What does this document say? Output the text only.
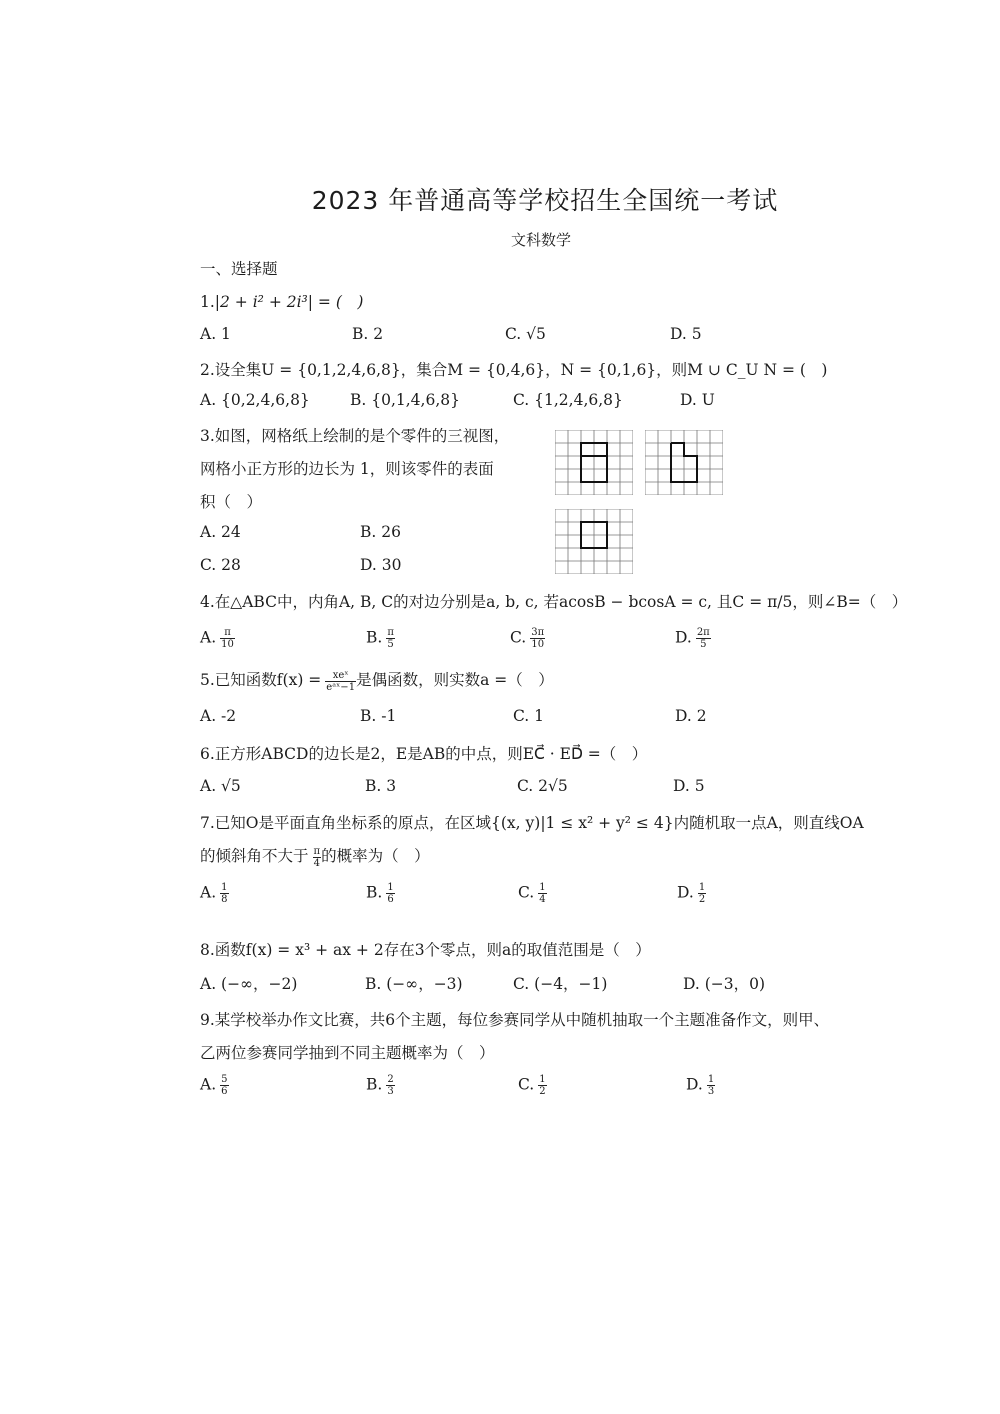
2023 年普通高等学校招生全国统一考试
文科数学
一、选择题
1.|2 + i² + 2i³| = (　)
A. 1	B. 2	C. √5	D. 5
2.设全集U = {0,1,2,4,6,8}，集合M = {0,4,6}，N = {0,1,6}，则M ∪ C_U N = (　)
A. {0,2,4,6,8}	B. {0,1,4,6,8}	C. {1,2,4,6,8}	D. U
3.如图，网格纸上绘制的是个零件的三视图，
网格小正方形的边长为 1，则该零件的表面
积（　）
A. 24	B. 26
C. 28	D. 30
4.在△ABC中，内角A, B, C的对边分别是a, b, c, 若acosB − bcosA = c, 且C = π/5，则∠B=（　）
A. $\frac{\pi}{10}$	B. $\frac{\pi}{5}$	C. $\frac{3\pi}{10}$	D. $\frac{2\pi}{5}$
5.已知函数$f(x) = \frac{\text{xeˣ}}{\text{eᵃˣ−1}}$ 是偶函数，则实数a =（　）
A. -2	B. -1	C. 1	D. 2
6.正方形ABCD的边长是2，E是AB的中点，则EC⃗ · ED⃗ =（　）
A. √5	B. 3	C. 2√5	D. 5
7.已知O是平面直角坐标系的原点，在区域{(x, y)|1 ≤ x² + y² ≤ 4}内随机取一点A，则直线OA
的倾斜角不大于 $\frac{\pi}{4}$ 的概率为（　）
A. $\frac{1}{8}$	B. $\frac{1}{6}$	C. $\frac{1}{4}$	D. $\frac{1}{2}$
8.函数f(x) = x³ + ax + 2存在3个零点，则a的取值范围是（　）
A. (−∞，−2)	B. (−∞，−3)	C. (−4，−1)	D. (−3，0)
9.某学校举办作文比赛，共6个主题，每位参赛同学从中随机抽取一个主题准备作文，则甲、
乙两位参赛同学抽到不同主题概率为（　）
A. $\frac{5}{6}$	B. $\frac{2}{3}$	C. $\frac{1}{2}$	D. $\frac{1}{3}$
